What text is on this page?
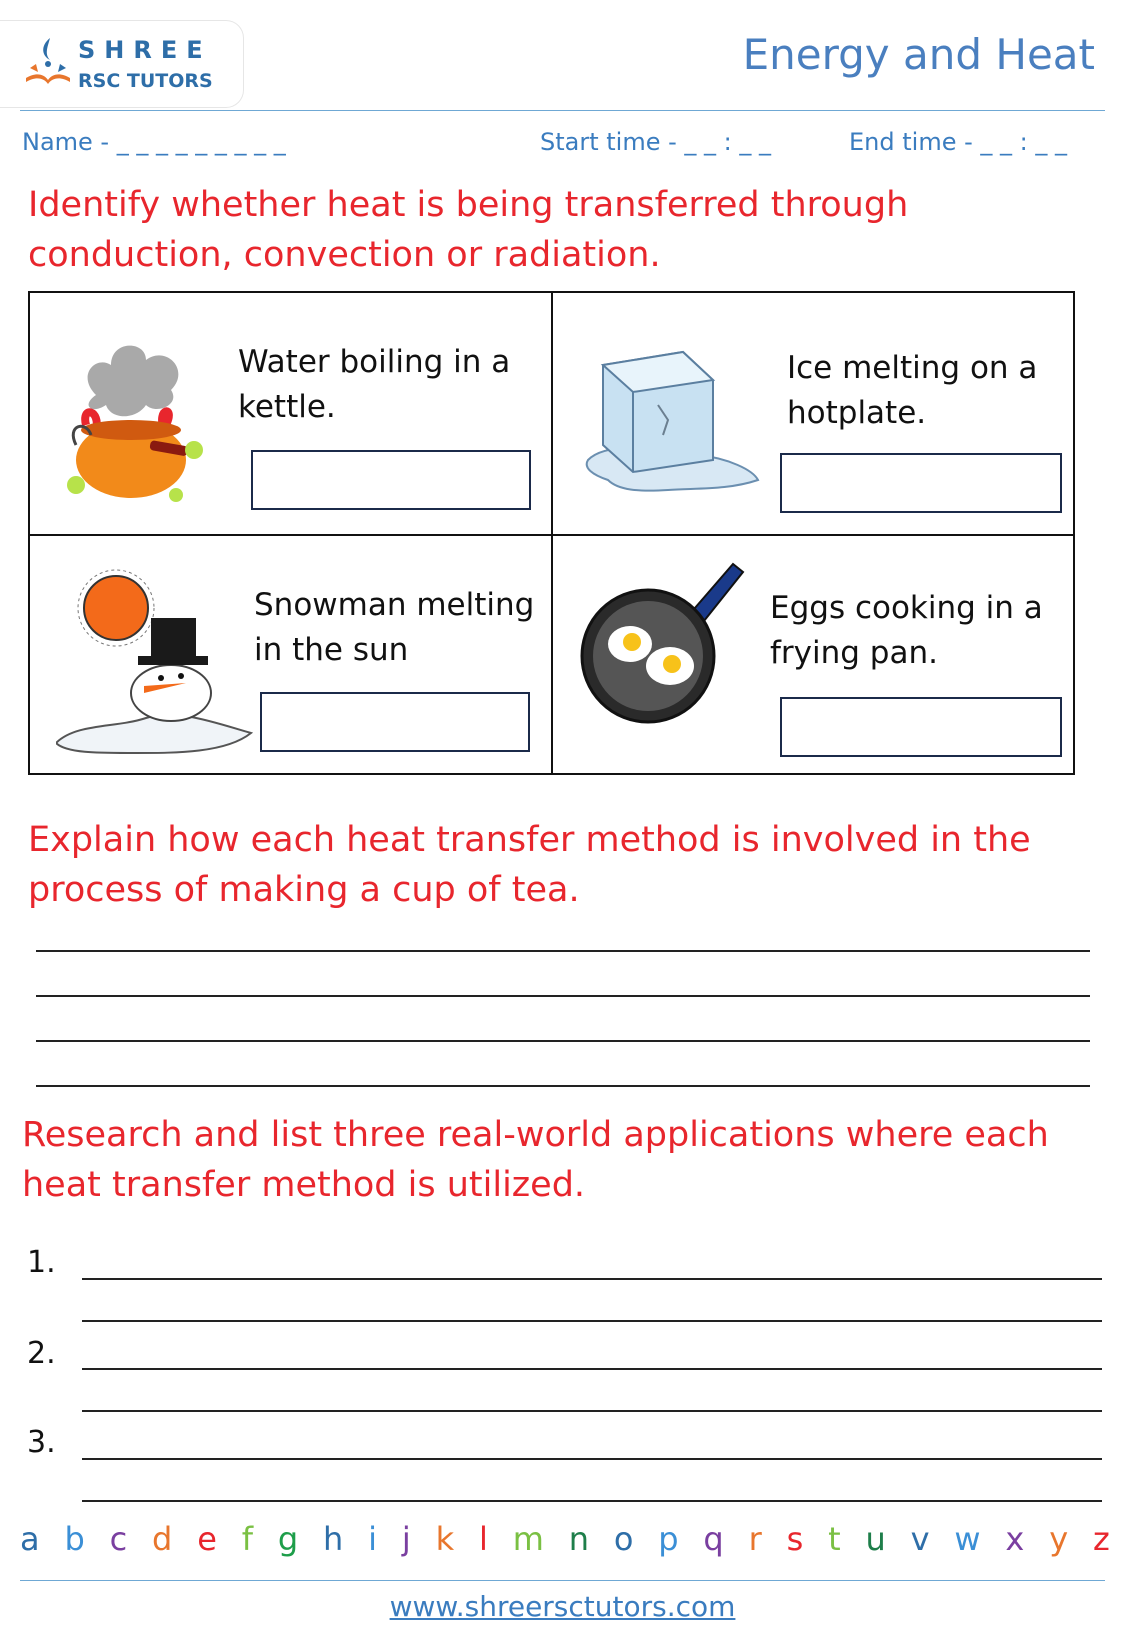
SHREE
RSC TUTORS
Energy and Heat
Name - _ _ _ _ _ _ _ _ _	Start time - _ _ : _ _	End time - _ _ : _ _
Identify whether heat is being transferred through conduction, convection or radiation.
Water boiling in a kettle.
Ice melting on a hotplate.
Snowman melting in the sun
Eggs cooking in a frying pan.
Explain how each heat transfer method is involved in the process of making a cup of tea.
Research and list three real-world applications where each heat transfer method is utilized.
1.
2.
3.
a b c d e f g h i j k l m n o p q r s t u v w x y z
www.shreersctutors.com
